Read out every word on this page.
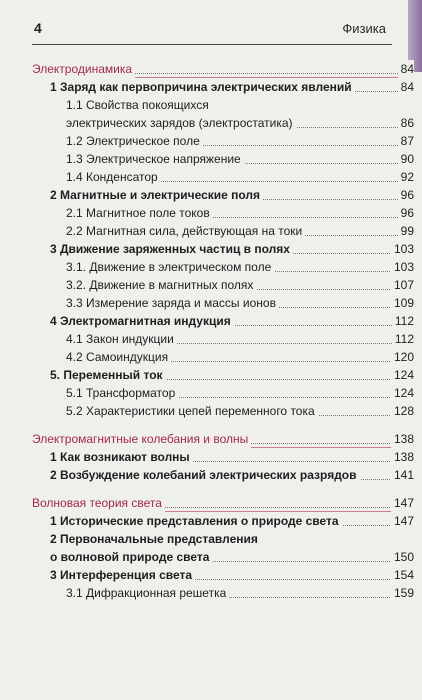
4	Физика
Электродинамика	84
1 Заряд как первопричина электрических явлений	84
1.1 Свойства покоящихся
электрических зарядов (электростатика)	86
1.2 Электрическое поле	87
1.3 Электрическое напряжение	90
1.4 Конденсатор	92
2 Магнитные и электрические поля	96
2.1 Магнитное поле токов	96
2.2 Магнитная сила, действующая на токи	99
3 Движение заряженных частиц в полях	103
3.1. Движение в электрическом поле	103
3.2. Движение в магнитных полях	107
3.3 Измерение заряда и массы ионов	109
4 Электромагнитная индукция	112
4.1 Закон индукции	112
4.2 Самоиндукция	120
5. Переменный ток	124
5.1 Трансформатор	124
5.2 Характеристики цепей переменного тока	128
Электромагнитные колебания и волны	138
1 Как возникают волны	138
2 Возбуждение колебаний электрических разрядов	141
Волновая теория света	147
1 Исторические представления о природе света	147
2 Первоначальные представления
о волновой природе света	150
3 Интерференция света	154
3.1 Дифракционная решетка	159
